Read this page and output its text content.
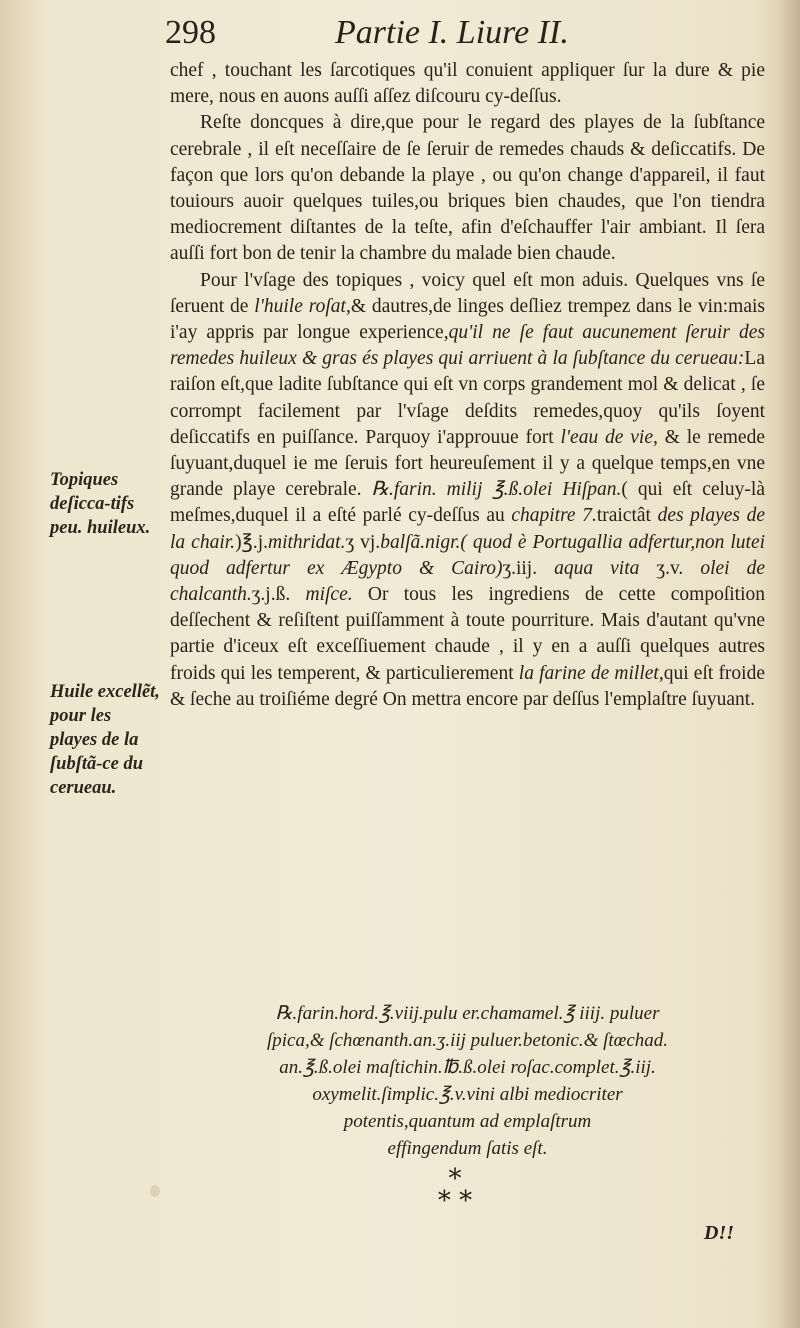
298	Partie I. Liure II.

chef , touchant les ſarcotiques qu'il conuient appliquer ſur la dure & pie mere, nous en auons auſſi aſſez diſcouru cy-deſſus.

Reſte doncques à dire,que pour le regard des playes de la ſubſtance cerebrale , il eſt neceſſaire de ſe ſeruir de remedes chauds & deſiccatifs. De façon que lors qu'on debande la playe , ou qu'on change d'appareil, il faut touiours auoir quelques tuiles,ou briques bien chaudes, que l'on tiendra mediocrement diſtantes de la teſte, afin d'eſchauffer l'air ambiant. Il ſera auſſi fort bon de tenir la chambre du malade bien chaude.

Pour l'vſage des topiques , voicy quel eſt mon aduis. Quelques vns ſe ſeruent de l'huile roſat,& dautres,de linges deſliez trempez dans le vin:mais i'ay appris par longue experience,qu'il ne ſe faut aucunement ſeruir des remedes huileux & gras és playes qui arriuent à la ſubſtance du cerueau:La raiſon eſt,que ladite ſubſtance qui eſt vn corps grandement mol & delicat , ſe corrompt facilement par l'vſage deſdits remedes,quoy qu'ils ſoyent deſiccatifs en puiſſance. Parquoy i'approuue fort l'eau de vie, & le remede ſuyuant,duquel ie me ſeruis fort heureuſement il y a quelque temps,en vne grande playe cerebrale. ℞.farin. milij ℥.ß.olei Hiſpan.( qui eſt celuy-là meſmes,duquel il a eſté parlé cy-deſſus au chapitre 7.traictât des playes de la chair.)℥.j.mithridat.ʒ vj.balſã.nigr.( quod è Portugallia adfertur,non lutei quod adfertur ex Ægypto & Cairo)ʒ.iij. aqua vita ʒ.v. olei de chalcanth.ʒ.j.ß. miſce. Or tous les ingrediens de cette compoſition deſſechent & reſiſtent puiſſamment à toute pourriture. Mais d'autant qu'vne partie d'iceux eſt exceſſiuement chaude , il y en a auſſi quelques autres froids qui les temperent, & particulierement la farine de millet,qui eſt froide & ſeche au troiſiéme degré On mettra encore par deſſus l'emplaſtre ſuyuant.

℞.farin.hord.℥.viij.pulu er.chamamel.℥ iiij. puluer
ſpica,& ſchœnanth.an.ʒ.iij puluer.betonic.& ſtœchad.
an.℥.ß.olei maſtichin.℔.ß.olei roſac.complet.℥.iij.
oxymelit.ſimplic.℥.v.vini albi mediocriter
potentis,quantum ad emplaſtrum
effingendum ſatis eſt.
Topiques deſicca-tifs peu. huileux.
Huile excellẽt, pour les playes de la ſubſtã-ce du cerueau.
*
* *
D!!
